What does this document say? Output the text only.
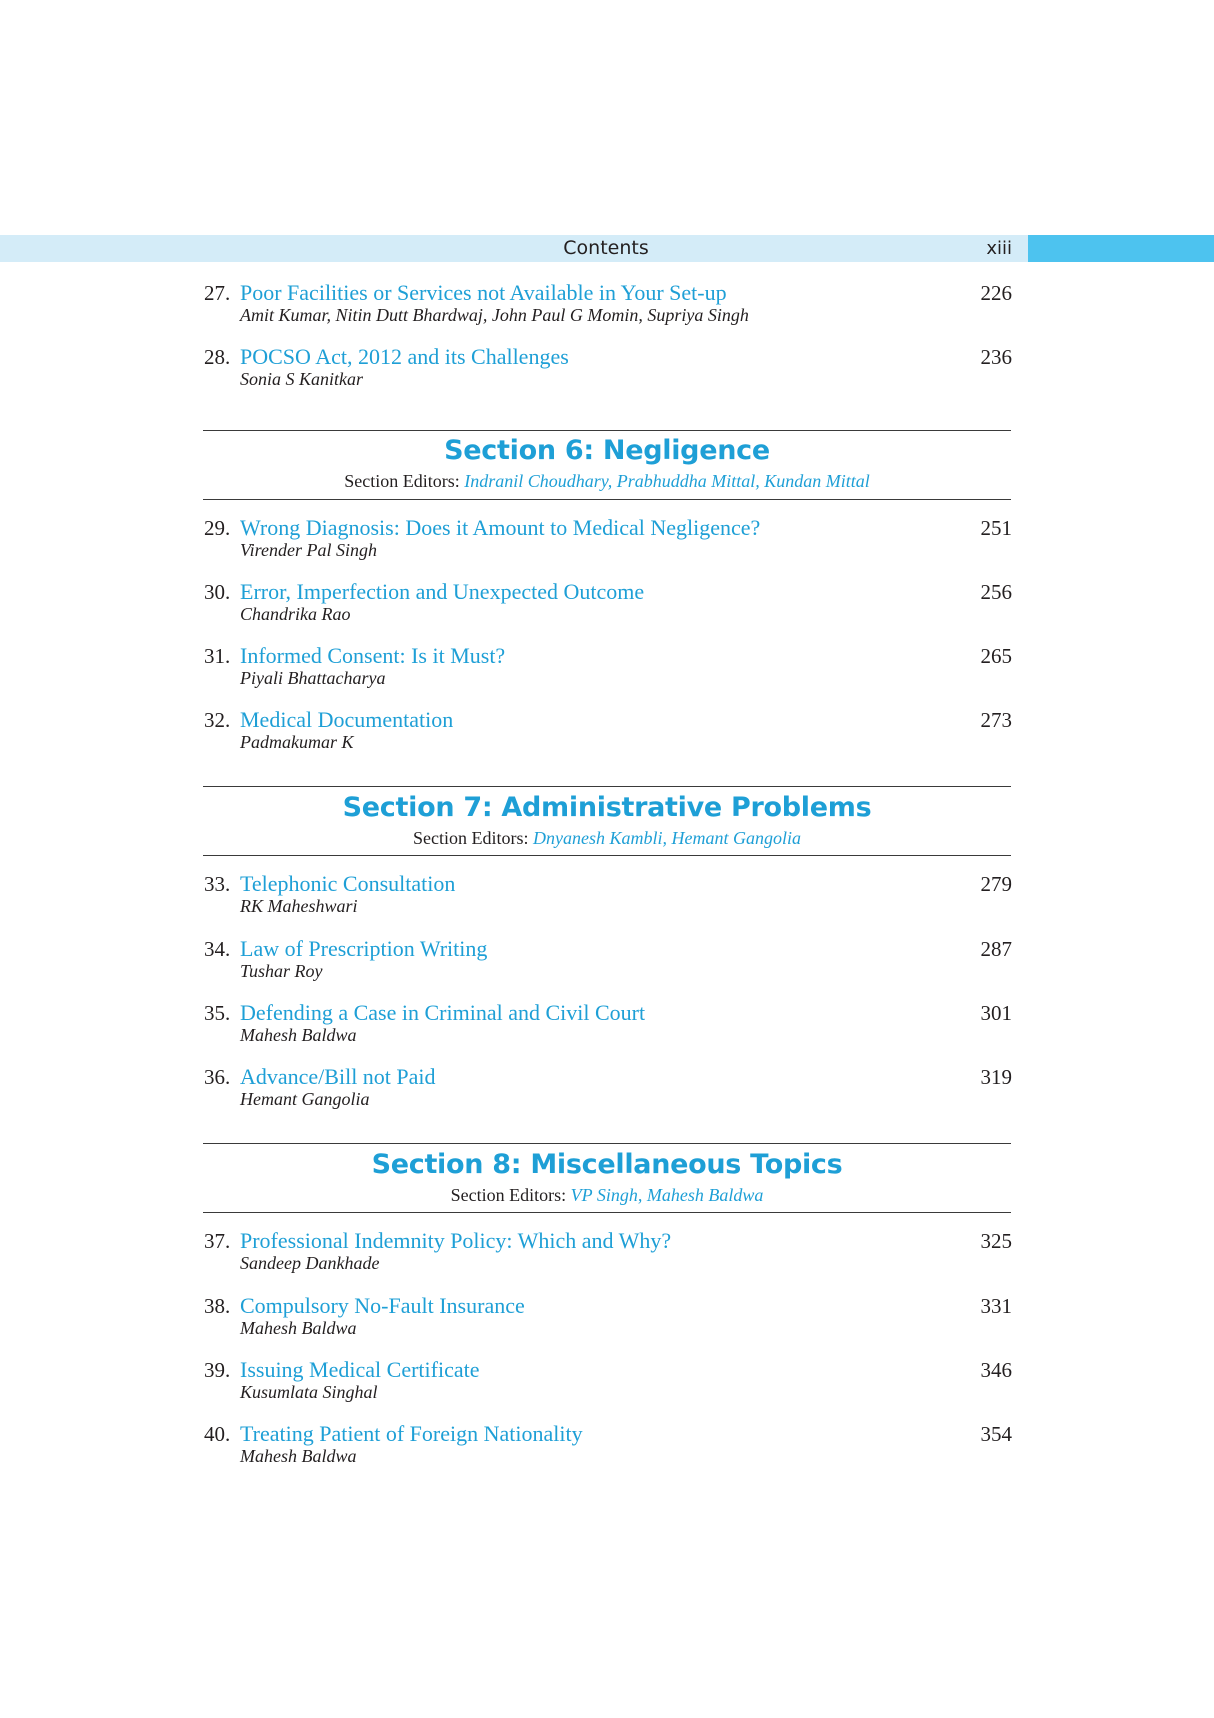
Contents	xiii
27. Poor Facilities or Services not Available in Your Set-up
Amit Kumar, Nitin Dutt Bhardwaj, John Paul G Momin, Supriya Singh
226
28. POCSO Act, 2012 and its Challenges
Sonia S Kanitkar
236
Section 6: Negligence
Section Editors: Indranil Choudhary, Prabhuddha Mittal, Kundan Mittal
29. Wrong Diagnosis: Does it Amount to Medical Negligence?
Virender Pal Singh
251
30. Error, Imperfection and Unexpected Outcome
Chandrika Rao
256
31. Informed Consent: Is it Must?
Piyali Bhattacharya
265
32. Medical Documentation
Padmakumar K
273
Section 7: Administrative Problems
Section Editors: Dnyanesh Kambli, Hemant Gangolia
33. Telephonic Consultation
RK Maheshwari
279
34. Law of Prescription Writing
Tushar Roy
287
35. Defending a Case in Criminal and Civil Court
Mahesh Baldwa
301
36. Advance/Bill not Paid
Hemant Gangolia
319
Section 8: Miscellaneous Topics
Section Editors: VP Singh, Mahesh Baldwa
37. Professional Indemnity Policy: Which and Why?
Sandeep Dankhade
325
38. Compulsory No-Fault Insurance
Mahesh Baldwa
331
39. Issuing Medical Certificate
Kusumlata Singhal
346
40. Treating Patient of Foreign Nationality
Mahesh Baldwa
354
